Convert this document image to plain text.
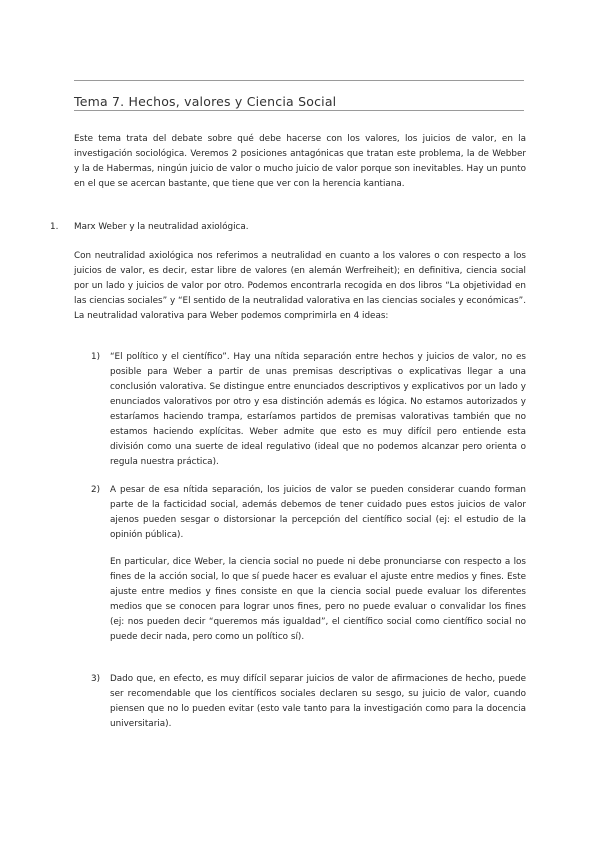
Tema 7. Hechos, valores y Ciencia Social

Este tema trata del debate sobre qué debe hacerse con los valores, los juicios de valor, en la investigación sociológica. Veremos 2 posiciones antagónicas que tratan este problema, la de Webber y la de Habermas, ningún juicio de valor o mucho juicio de valor porque son inevitables. Hay un punto en el que se acercan bastante, que tiene que ver con la herencia kantiana.

1. Marx Weber y la neutralidad axiológica.

Con neutralidad axiológica nos referimos a neutralidad en cuanto a los valores o con respecto a los juicios de valor, es decir, estar libre de valores (en alemán Werfreiheit); en definitiva, ciencia social por un lado y juicios de valor por otro. Podemos encontrarla recogida en dos libros “La objetividad en las ciencias sociales” y “El sentido de la neutralidad valorativa en las ciencias sociales y económicas”. La neutralidad valorativa para Weber podemos comprimirla en 4 ideas:

1) “El político y el científico”. Hay una nítida separación entre hechos y juicios de valor, no es posible para Weber a partir de unas premisas descriptivas o explicativas llegar a una conclusión valorativa. Se distingue entre enunciados descriptivos y explicativos por un lado y enunciados valorativos por otro y esa distinción además es lógica. No estamos autorizados y estaríamos haciendo trampa, estaríamos partidos de premisas valorativas también que no estamos haciendo explícitas. Weber admite que esto es muy difícil pero entiende esta división como una suerte de ideal regulativo (ideal que no podemos alcanzar pero orienta o regula nuestra práctica).

2) A pesar de esa nítida separación, los juicios de valor se pueden considerar cuando forman parte de la facticidad social, además debemos de tener cuidado pues estos juicios de valor ajenos pueden sesgar o distorsionar la percepción del científico social (ej: el estudio de la opinión pública).

En particular, dice Weber, la ciencia social no puede ni debe pronunciarse con respecto a los fines de la acción social, lo que sí puede hacer es evaluar el ajuste entre medios y fines. Este ajuste entre medios y fines consiste en que la ciencia social puede evaluar los diferentes medios que se conocen para lograr unos fines, pero no puede evaluar o convalidar los fines (ej: nos pueden decir “queremos más igualdad”, el científico social como científico social no puede decir nada, pero como un político sí).

3) Dado que, en efecto, es muy difícil separar juicios de valor de afirmaciones de hecho, puede ser recomendable que los científicos sociales declaren su sesgo, su juicio de valor, cuando piensen que no lo pueden evitar (esto vale tanto para la investigación como para la docencia universitaria).
